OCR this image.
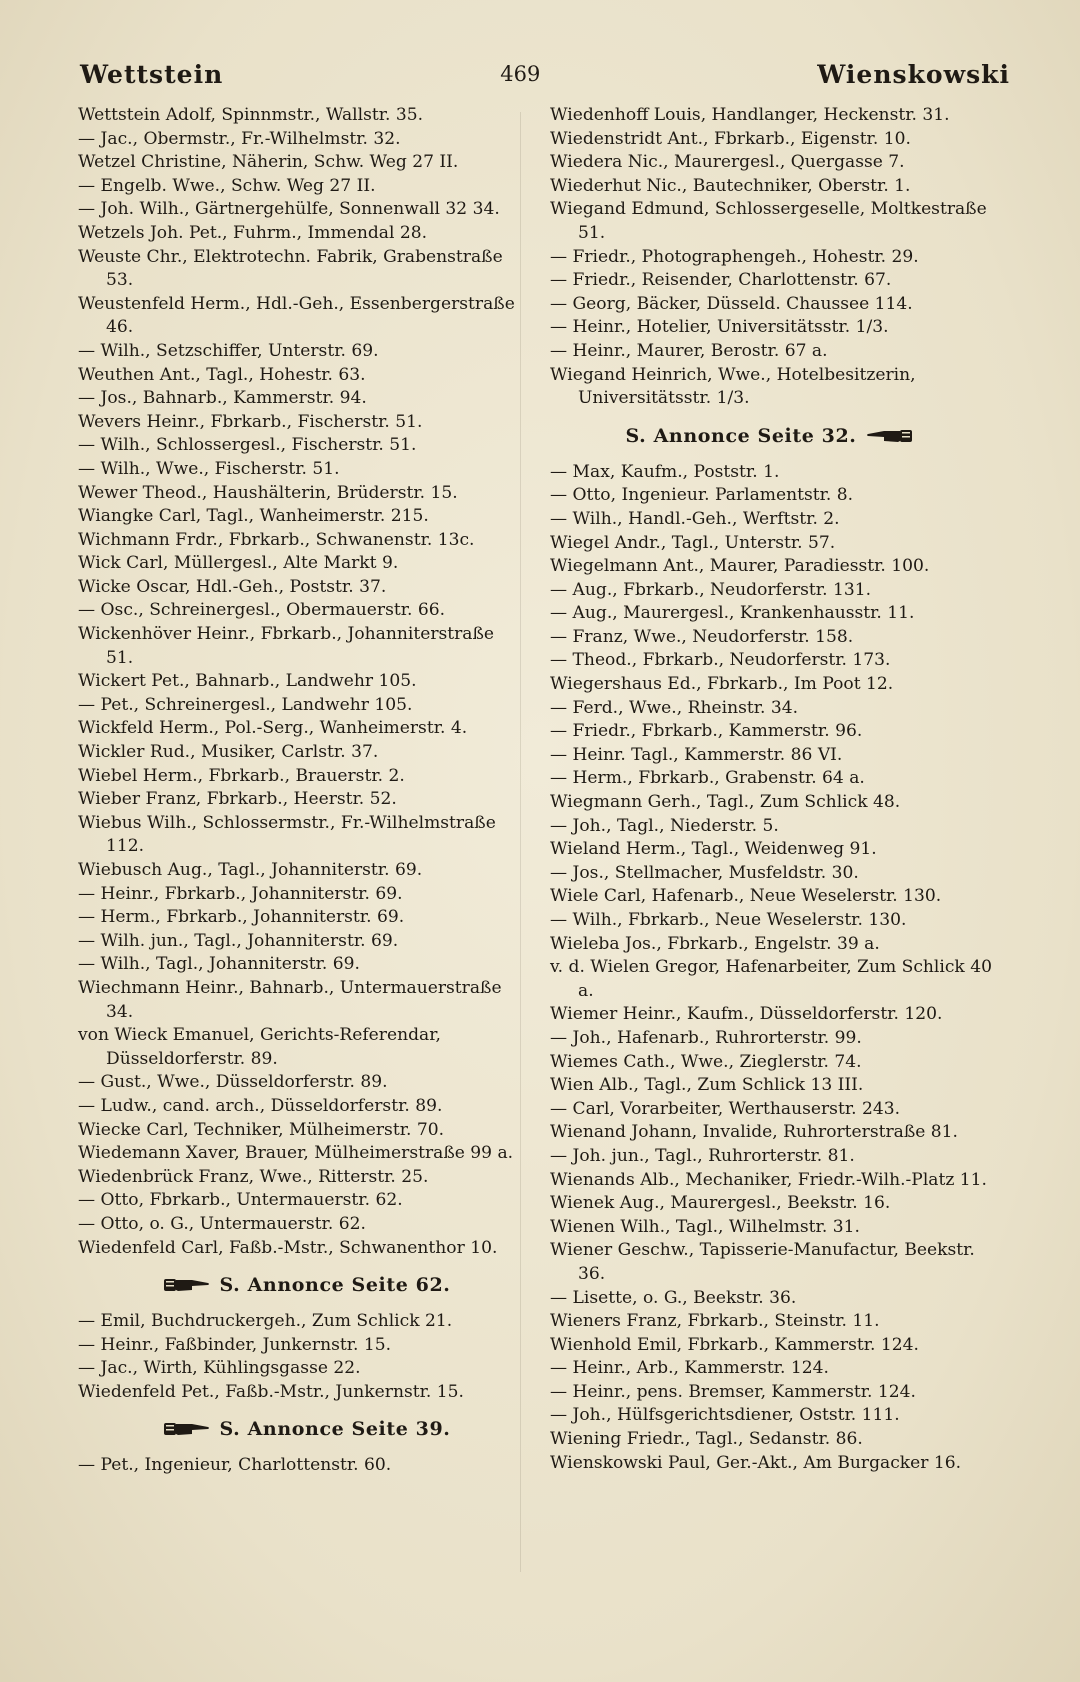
Wettstein	469	Wienskowski
Wettstein Adolf, Spinnmstr., Wallstr. 35.
— Jac., Obermstr., Fr.-Wilhelmstr. 32.
Wetzel Christine, Näherin, Schw. Weg 27 II.
— Engelb. Wwe., Schw. Weg 27 II.
— Joh. Wilh., Gärtnergehülfe, Sonnenwall 32 34.
Wetzels Joh. Pet., Fuhrm., Immendal 28.
Weuste Chr., Elektrotechn. Fabrik, Grabenstraße 53.
Weustenfeld Herm., Hdl.-Geh., Essenbergerstraße 46.
— Wilh., Setzschiffer, Unterstr. 69.
Weuthen Ant., Tagl., Hohestr. 63.
— Jos., Bahnarb., Kammerstr. 94.
Wevers Heinr., Fbrkarb., Fischerstr. 51.
— Wilh., Schlossergesl., Fischerstr. 51.
— Wilh., Wwe., Fischerstr. 51.
Wewer Theod., Haushälterin, Brüderstr. 15.
Wiangke Carl, Tagl., Wanheimerstr. 215.
Wichmann Frdr., Fbrkarb., Schwanenstr. 13c.
Wick Carl, Müllergesl., Alte Markt 9.
Wicke Oscar, Hdl.-Geh., Poststr. 37.
— Osc., Schreinergesl., Obermauerstr. 66.
Wickenhöver Heinr., Fbrkarb., Johanniterstraße 51.
Wickert Pet., Bahnarb., Landwehr 105.
— Pet., Schreinergesl., Landwehr 105.
Wickfeld Herm., Pol.-Serg., Wanheimerstr. 4.
Wickler Rud., Musiker, Carlstr. 37.
Wiebel Herm., Fbrkarb., Brauerstr. 2.
Wieber Franz, Fbrkarb., Heerstr. 52.
Wiebus Wilh., Schlossermstr., Fr.-Wilhelmstraße 112.
Wiebusch Aug., Tagl., Johanniterstr. 69.
— Heinr., Fbrkarb., Johanniterstr. 69.
— Herm., Fbrkarb., Johanniterstr. 69.
— Wilh. jun., Tagl., Johanniterstr. 69.
— Wilh., Tagl., Johanniterstr. 69.
Wiechmann Heinr., Bahnarb., Untermauerstraße 34.
von Wieck Emanuel, Gerichts-Referendar, Düsseldorferstr. 89.
— Gust., Wwe., Düsseldorferstr. 89.
— Ludw., cand. arch., Düsseldorferstr. 89.
Wiecke Carl, Techniker, Mülheimerstr. 70.
Wiedemann Xaver, Brauer, Mülheimerstraße 99 a.
Wiedenbrück Franz, Wwe., Ritterstr. 25.
— Otto, Fbrkarb., Untermauerstr. 62.
— Otto, o. G., Untermauerstr. 62.
Wiedenfeld Carl, Faßb.-Mstr., Schwanenthor 10.
S. Annonce Seite 62.
— Emil, Buchdruckergeh., Zum Schlick 21.
— Heinr., Faßbinder, Junkernstr. 15.
— Jac., Wirth, Kühlingsgasse 22.
Wiedenfeld Pet., Faßb.-Mstr., Junkernstr. 15.
S. Annonce Seite 39.
— Pet., Ingenieur, Charlottenstr. 60.
Wiedenhoff Louis, Handlanger, Heckenstr. 31.
Wiedenstridt Ant., Fbrkarb., Eigenstr. 10.
Wiedera Nic., Maurergesl., Quergasse 7.
Wiederhut Nic., Bautechniker, Oberstr. 1.
Wiegand Edmund, Schlossergeselle, Moltkestraße 51.
— Friedr., Photographengeh., Hohestr. 29.
— Friedr., Reisender, Charlottenstr. 67.
— Georg, Bäcker, Düsseld. Chaussee 114.
— Heinr., Hotelier, Universitätsstr. 1/3.
— Heinr., Maurer, Berostr. 67 a.
Wiegand Heinrich, Wwe., Hotelbesitzerin, Universitätsstr. 1/3.
S. Annonce Seite 32.
— Max, Kaufm., Poststr. 1.
— Otto, Ingenieur. Parlamentstr. 8.
— Wilh., Handl.-Geh., Werftstr. 2.
Wiegel Andr., Tagl., Unterstr. 57.
Wiegelmann Ant., Maurer, Paradiesstr. 100.
— Aug., Fbrkarb., Neudorferstr. 131.
— Aug., Maurergesl., Krankenhausstr. 11.
— Franz, Wwe., Neudorferstr. 158.
— Theod., Fbrkarb., Neudorferstr. 173.
Wiegershaus Ed., Fbrkarb., Im Poot 12.
— Ferd., Wwe., Rheinstr. 34.
— Friedr., Fbrkarb., Kammerstr. 96.
— Heinr. Tagl., Kammerstr. 86 VI.
— Herm., Fbrkarb., Grabenstr. 64 a.
Wiegmann Gerh., Tagl., Zum Schlick 48.
— Joh., Tagl., Niederstr. 5.
Wieland Herm., Tagl., Weidenweg 91.
— Jos., Stellmacher, Musfeldstr. 30.
Wiele Carl, Hafenarb., Neue Weselerstr. 130.
— Wilh., Fbrkarb., Neue Weselerstr. 130.
Wieleba Jos., Fbrkarb., Engelstr. 39 a.
v. d. Wielen Gregor, Hafenarbeiter, Zum Schlick 40 a.
Wiemer Heinr., Kaufm., Düsseldorferstr. 120.
— Joh., Hafenarb., Ruhrorterstr. 99.
Wiemes Cath., Wwe., Zieglerstr. 74.
Wien Alb., Tagl., Zum Schlick 13 III.
— Carl, Vorarbeiter, Werthauserstr. 243.
Wienand Johann, Invalide, Ruhrorterstraße 81.
— Joh. jun., Tagl., Ruhrorterstr. 81.
Wienands Alb., Mechaniker, Friedr.-Wilh.-Platz 11.
Wienek Aug., Maurergesl., Beekstr. 16.
Wienen Wilh., Tagl., Wilhelmstr. 31.
Wiener Geschw., Tapisserie-Manufactur, Beekstr. 36.
— Lisette, o. G., Beekstr. 36.
Wieners Franz, Fbrkarb., Steinstr. 11.
Wienhold Emil, Fbrkarb., Kammerstr. 124.
— Heinr., Arb., Kammerstr. 124.
— Heinr., pens. Bremser, Kammerstr. 124.
— Joh., Hülfsgerichtsdiener, Oststr. 111.
Wiening Friedr., Tagl., Sedanstr. 86.
Wienskowski Paul, Ger.-Akt., Am Burgacker 16.
